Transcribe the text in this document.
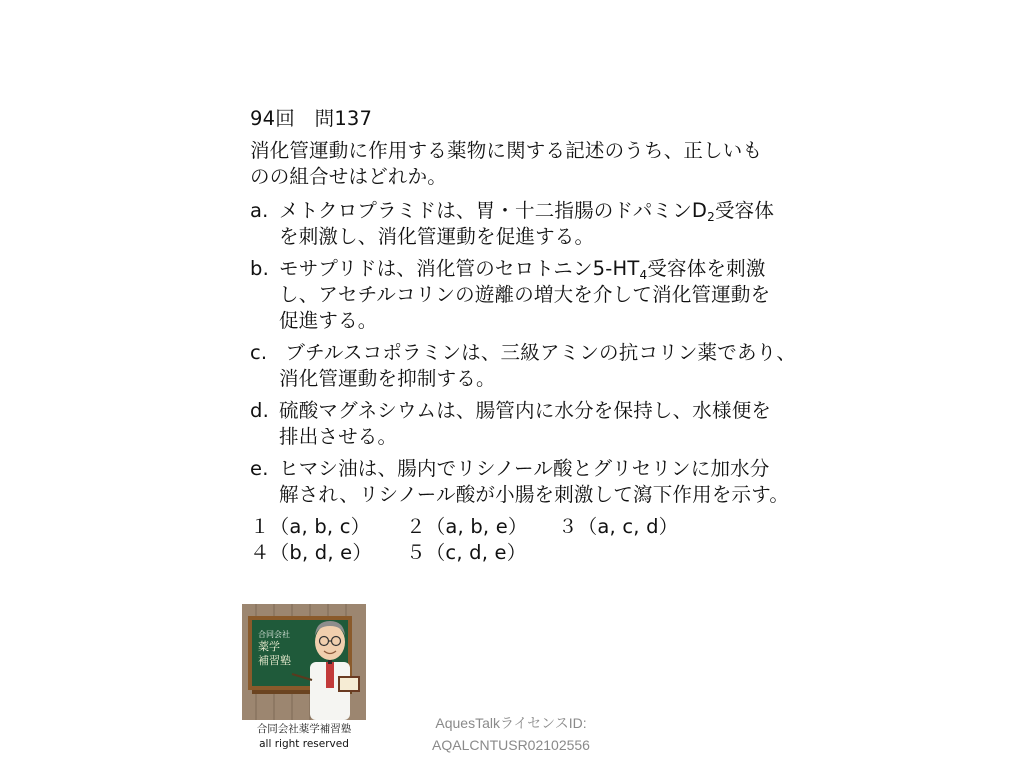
94回　問137
消化管運動に作用する薬物に関する記述のうち、正しいも
のの組合せはどれか。
a. メトクロプラミドは、胃・十二指腸のドパミン$D_2$受容体
を刺激し、消化管運動を促進する。
b. モサプリドは、消化管のセロトニン$5-HT_4$受容体を刺激
し、アセチルコリンの遊離の増大を介して消化管運動を
促進する。
c. ブチルスコポラミンは、三級アミンの抗コリン薬であり、
消化管運動を抑制する。
d. 硫酸マグネシウムは、腸管内に水分を保持し、水様便を
排出させる。
e. ヒマシ油は、腸内でリシノール酸とグリセリンに加水分
解され、リシノール酸が小腸を刺激して瀉下作用を示す。
１（a, b, c）	２（a, b, e）	３（a, c, d）
４（b, d, e）	５（c, d, e）
合同会社
薬学
補習塾
合同会社薬学補習塾
all right reserved
AquesTalkライセンスID:
AQALCNTUSR02102556
